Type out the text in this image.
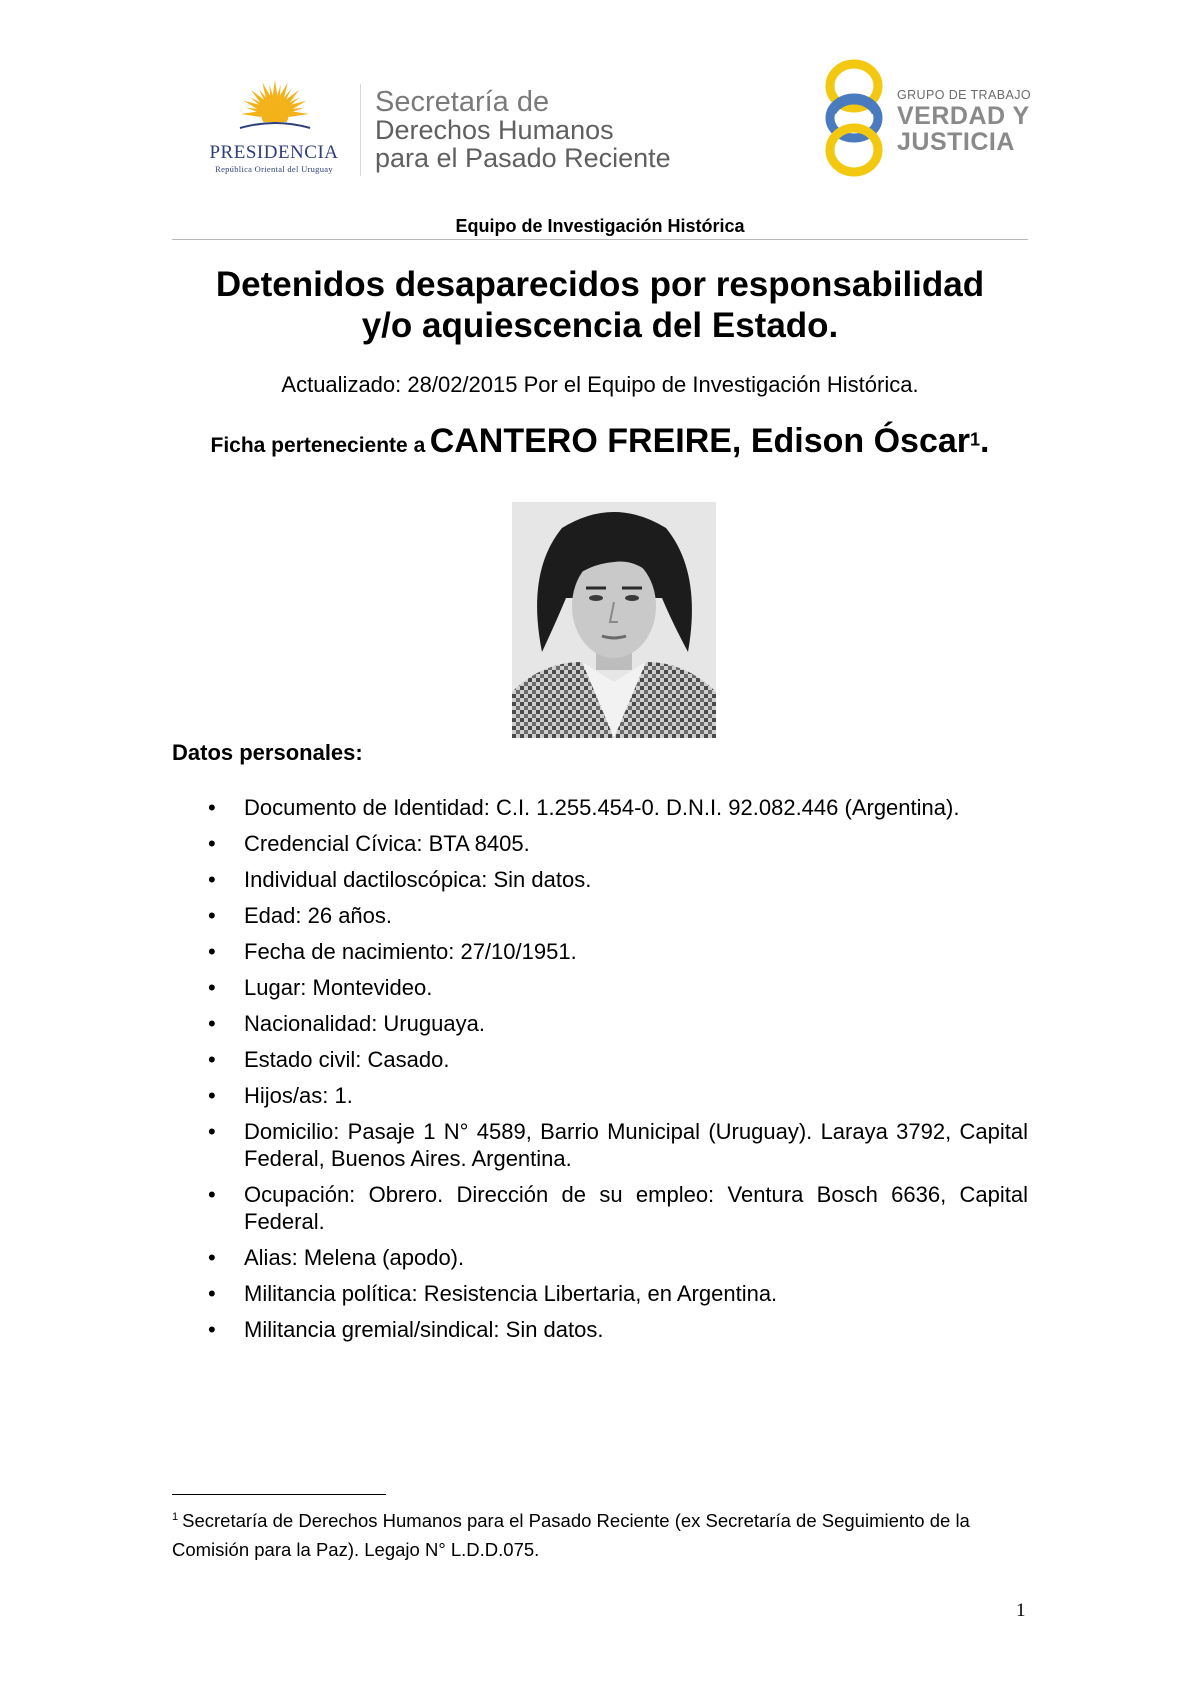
PRESIDENCIA
República Oriental del Uruguay
Secretaría de
Derechos Humanos
para el Pasado Reciente
GRUPO DE TRABAJO
VERDAD Y
JUSTICIA
Equipo de Investigación Histórica
Detenidos desaparecidos por responsabilidad
y/o aquiescencia del Estado.
Actualizado: 28/02/2015 Por el Equipo de Investigación Histórica.
Ficha perteneciente a CANTERO FREIRE, Edison Óscar$^1$.
Datos personales:
• Documento de Identidad: C.I. 1.255.454-0. D.N.I. 92.082.446 (Argentina).
• Credencial Cívica: BTA 8405.
• Individual dactiloscópica: Sin datos.
• Edad: 26 años.
• Fecha de nacimiento: 27/10/1951.
• Lugar: Montevideo.
• Nacionalidad: Uruguaya.
• Estado civil: Casado.
• Hijos/as: 1.
• Domicilio: Pasaje 1 N° 4589, Barrio Municipal (Uruguay). Laraya 3792, Capital Federal, Buenos Aires. Argentina.
• Ocupación: Obrero. Dirección de su empleo: Ventura Bosch 6636, Capital Federal.
• Alias: Melena (apodo).
• Militancia política: Resistencia Libertaria, en Argentina.
• Militancia gremial/sindical: Sin datos.
$^1$ Secretaría de Derechos Humanos para el Pasado Reciente (ex Secretaría de Seguimiento de la Comisión para la Paz). Legajo N° L.D.D.075.
1
